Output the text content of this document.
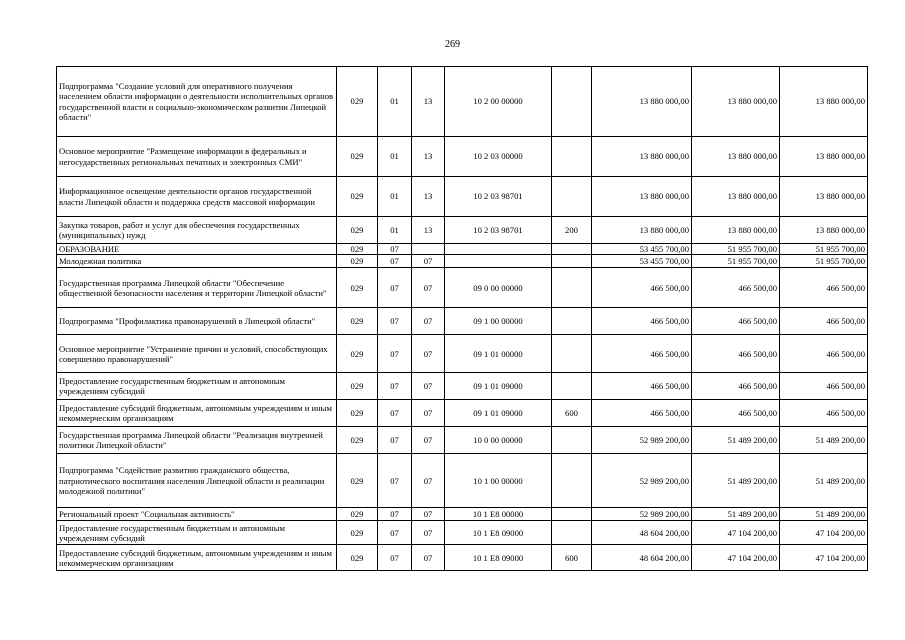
269
Подпрограмма "Создание условий для оперативного получения населением области информации о деятельности исполнительных органов государственной власти и социально-экономическом развитии Липецкой области"	029	01	13	10 2 00 00000		13 880 000,00	13 880 000,00	13 880 000,00
Основное мероприятие "Размещение информации в федеральных и негосударственных региональных печатных и электронных СМИ"	029	01	13	10 2 03 00000		13 880 000,00	13 880 000,00	13 880 000,00
Информационное освещение деятельности органов государственной власти Липецкой области и поддержка средств массовой информации	029	01	13	10 2 03 98701		13 880 000,00	13 880 000,00	13 880 000,00
Закупка товаров, работ и услуг для обеспечения государственных (муниципальных) нужд	029	01	13	10 2 03 98701	200	13 880 000,00	13 880 000,00	13 880 000,00
ОБРАЗОВАНИЕ	029	07				53 455 700,00	51 955 700,00	51 955 700,00
Молодежная политика	029	07	07			53 455 700,00	51 955 700,00	51 955 700,00
Государственная программа Липецкой области "Обеспечение общественной безопасности населения и территории Липецкой области"	029	07	07	09 0 00 00000		466 500,00	466 500,00	466 500,00
Подпрограмма "Профилактика правонарушений в Липецкой области"	029	07	07	09 1 00 00000		466 500,00	466 500,00	466 500,00
Основное мероприятие "Устранение причин и условий, способствующих совершению правонарушений"	029	07	07	09 1 01 00000		466 500,00	466 500,00	466 500,00
Предоставление государственным бюджетным и автономным учреждениям субсидий	029	07	07	09 1 01 09000		466 500,00	466 500,00	466 500,00
Предоставление субсидий бюджетным, автономным учреждениям и иным некоммерческим организациям	029	07	07	09 1 01 09000	600	466 500,00	466 500,00	466 500,00
Государственная программа Липецкой области "Реализация внутренней политики Липецкой области"	029	07	07	10 0 00 00000		52 989 200,00	51 489 200,00	51 489 200,00
Подпрограмма "Содействие развитию гражданского общества, патриотического воспитания населения Липецкой области и реализации молодежной политики"	029	07	07	10 1 00 00000		52 989 200,00	51 489 200,00	51 489 200,00
Региональный проект "Социальная активность"	029	07	07	10 1 E8 00000		52 989 200,00	51 489 200,00	51 489 200,00
Предоставление государственным бюджетным и автономным учреждениям субсидий	029	07	07	10 1 E8 09000		48 604 200,00	47 104 200,00	47 104 200,00
Предоставление субсидий бюджетным, автономным учреждениям и иным некоммерческим организациям	029	07	07	10 1 E8 09000	600	48 604 200,00	47 104 200,00	47 104 200,00
